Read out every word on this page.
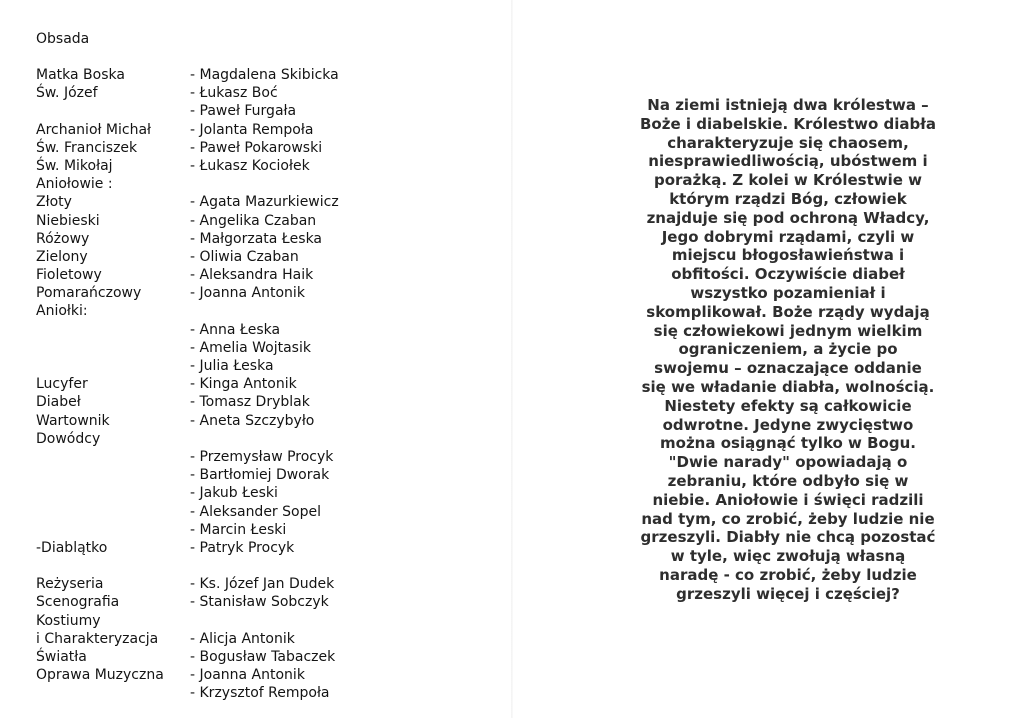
Obsada
Matka Boska	- Magdalena Skibicka
Św. Józef	- Łukasz Boć
- Paweł Furgała
Archanioł Michał	- Jolanta Rempoła
Św. Franciszek	- Paweł Pokarowski
Św. Mikołaj	- Łukasz Kociołek
Aniołowie :
Złoty	- Agata Mazurkiewicz
Niebieski	- Angelika Czaban
Różowy	- Małgorzata Łeska
Zielony	- Oliwia Czaban
Fioletowy	- Aleksandra Haik
Pomarańczowy	- Joanna Antonik
Aniołki:
- Anna Łeska
- Amelia Wojtasik
- Julia Łeska
Lucyfer	- Kinga Antonik
Diabeł	- Tomasz Dryblak
Wartownik	- Aneta Szczybyło
Dowódcy
- Przemysław Procyk
- Bartłomiej Dworak
- Jakub Łeski
- Aleksander Sopel
- Marcin Łeski
-Diablątko	- Patryk Procyk
Reżyseria	- Ks. Józef Jan Dudek
Scenografia	- Stanisław Sobczyk
Kostiumy
i Charakteryzacja - Alicja Antonik
Światła	- Bogusław Tabaczek
Oprawa Muzyczna - Joanna Antonik
- Krzysztof Rempoła

Na ziemi istnieją dwa królestwa –
Boże i diabelskie. Królestwo diabła
charakteryzuje się chaosem,
niesprawiedliwością, ubóstwem i
porażką. Z kolei w Królestwie w
którym rządzi Bóg, człowiek
znajduje się pod ochroną Władcy,
Jego dobrymi rządami, czyli w
miejscu błogosławieństwa i
obfitości. Oczywiście diabeł
wszystko pozamieniał i
skomplikował. Boże rządy wydają
się człowiekowi jednym wielkim
ograniczeniem, a życie po
swojemu – oznaczające oddanie
się we władanie diabła, wolnością.
Niestety efekty są całkowicie
odwrotne. Jedyne zwycięstwo
można osiągnąć tylko w Bogu.
"Dwie narady" opowiadają o
zebraniu, które odbyło się w
niebie. Aniołowie i święci radzili
nad tym, co zrobić, żeby ludzie nie
grzeszyli. Diabły nie chcą pozostać
w tyle, więc zwołują własną
naradę - co zrobić, żeby ludzie
grzeszyli więcej i częściej?
